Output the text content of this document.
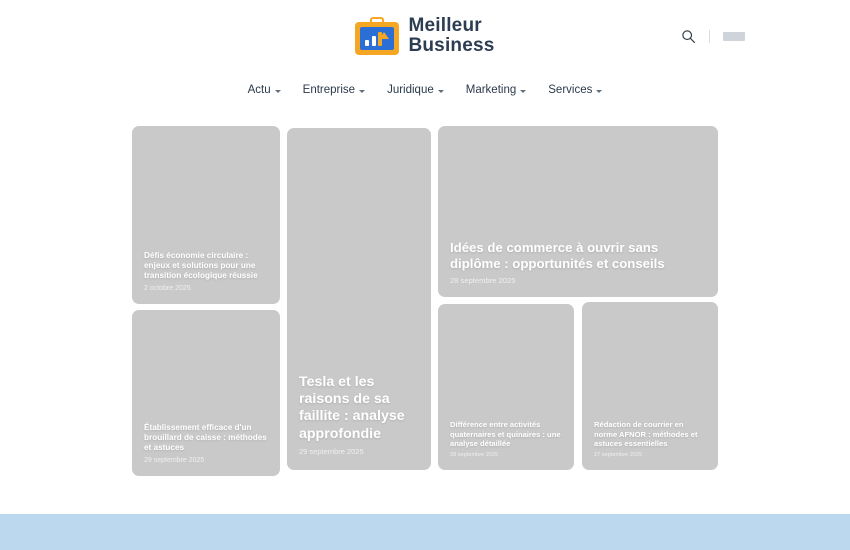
Meilleur
Business
Actu	Entreprise	Juridique	Marketing	Services

Défis économie circulaire : enjeux et solutions pour une transition écologique réussie

2 octobre 2025

Tesla et les raisons de sa faillite : analyse approfondie

29 septembre 2025

Idées de commerce à ouvrir sans diplôme : opportunités et conseils

28 septembre 2025

Établissement efficace d'un brouillard de caisse : méthodes et astuces

29 septembre 2025

Différence entre activités quaternaires et quinaires : une analyse détaillée

28 septembre 2025

Rédaction de courrier en norme AFNOR : méthodes et astuces essentielles

27 septembre 2025
